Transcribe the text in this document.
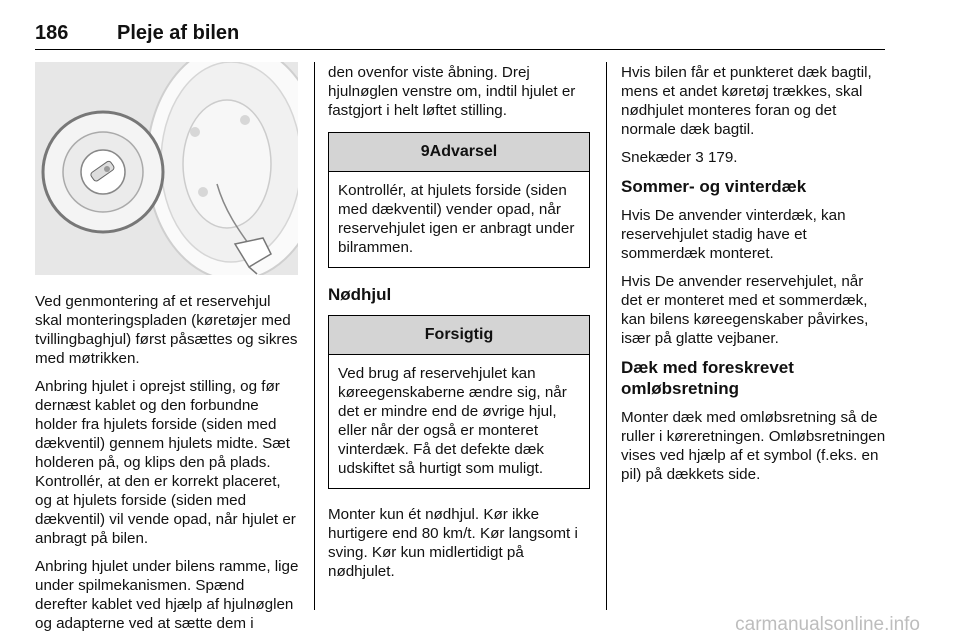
186 Pleje af bilen

Ved genmontering af et reservehjul skal monteringspladen (køretøjer med tvillingbaghjul) først påsættes og sikres med møtrikken.

Anbring hjulet i oprejst stilling, og før dernæst kablet og den forbundne holder fra hjulets forside (siden med dækventil) gennem hjulets midte. Sæt holderen på, og klips den på plads. Kontrollér, at den er korrekt placeret, og at hjulets forside (siden med dækventil) vil vende opad, når hjulet er anbragt på bilen.

Anbring hjulet under bilens ramme, lige under spilmekanismen. Spænd derefter kablet ved hjælp af hjulnøglen og adapterne ved at sætte dem i

den ovenfor viste åbning. Drej hjulnøglen venstre om, indtil hjulet er fastgjort i helt løftet stilling.

9Advarsel
Kontrollér, at hjulets forside (siden med dækventil) vender opad, når reservehjulet igen er anbragt under bilrammen.
Nødhjul
Forsigtig
Ved brug af reservehjulet kan køreegenskaberne ændre sig, når det er mindre end de øvrige hjul, eller når der også er monteret vinterdæk. Få det defekte dæk udskiftet så hurtigt som muligt.

Monter kun ét nødhjul. Kør ikke hurtigere end 80 km/t. Kør langsomt i sving. Kør kun midlertidigt på nødhjulet.

Hvis bilen får et punkteret dæk bagtil, mens et andet køretøj trækkes, skal nødhjulet monteres foran og det normale dæk bagtil.

Snekæder 3 179.

Sommer- og vinterdæk

Hvis De anvender vinterdæk, kan reservehjulet stadig have et sommerdæk monteret.

Hvis De anvender reservehjulet, når det er monteret med et sommerdæk, kan bilens køreegenskaber påvirkes, især på glatte vejbaner.

Dæk med foreskrevet omløbsretning

Monter dæk med omløbsretning så de ruller i køreretningen. Omløbsretningen vises ved hjælp af et symbol (f.eks. en pil) på dækkets side.

carmanualsonline.info
